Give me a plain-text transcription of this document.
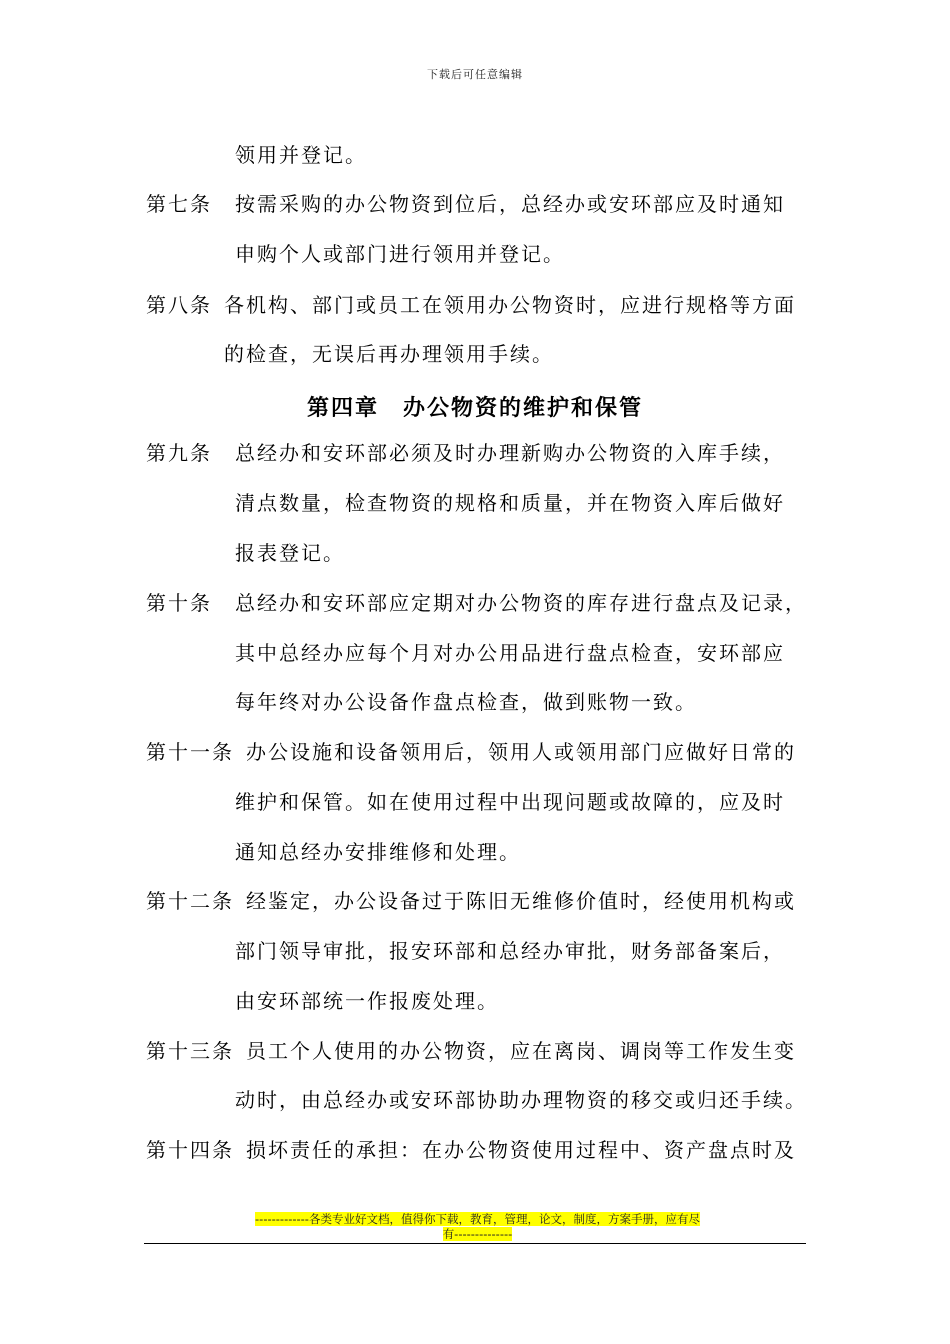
下载后可任意编辑
领用并登记。
第七条 按需采购的办公物资到位后，总经办或安环部应及时通知
申购个人或部门进行领用并登记。
第八条 各机构、部门或员工在领用办公物资时，应进行规格等方面
的检查，无误后再办理领用手续。
第四章　办公物资的维护和保管
第九条 总经办和安环部必须及时办理新购办公物资的入库手续，
清点数量，检查物资的规格和质量，并在物资入库后做好
报表登记。
第十条 总经办和安环部应定期对办公物资的库存进行盘点及记录，
其中总经办应每个月对办公用品进行盘点检查，安环部应
每年终对办公设备作盘点检查，做到账物一致。
第十一条 办公设施和设备领用后，领用人或领用部门应做好日常的
维护和保管。如在使用过程中出现问题或故障的，应及时
通知总经办安排维修和处理。
第十二条 经鉴定，办公设备过于陈旧无维修价值时，经使用机构或
部门领导审批，报安环部和总经办审批，财务部备案后，
由安环部统一作报废处理。
第十三条 员工个人使用的办公物资，应在离岗、调岗等工作发生变
动时，由总经办或安环部协助办理物资的移交或归还手续。
第十四条 损坏责任的承担：在办公物资使用过程中、资产盘点时及
-------------各类专业好文档，值得你下载，教育，管理，论文，制度，方案手册，应有尽
有--------------
